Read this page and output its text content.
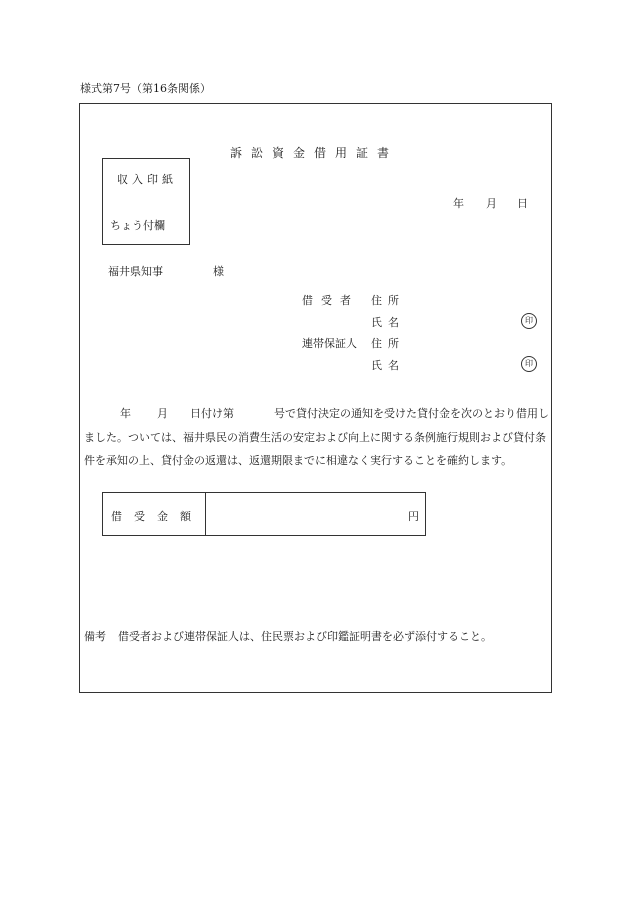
様式第7号（第16条関係）
訴訟資金借用証書
収入印紙
ちょう付欄
年 月 日
福井県知事	様
借受者 住所
氏名	印
連帯保証人 住所
氏名	印
年 月 日付け第	号で貸付決定の通知を受けた貸付金を次のとおり借用しました。ついては、福井県民の消費生活の安定および向上に関する条例施行規則および貸付条件を承知の上、貸付金の返還は、返還期限までに相違なく実行することを確約します。
借受金額	円
備考 借受者および連帯保証人は、住民票および印鑑証明書を必ず添付すること。
